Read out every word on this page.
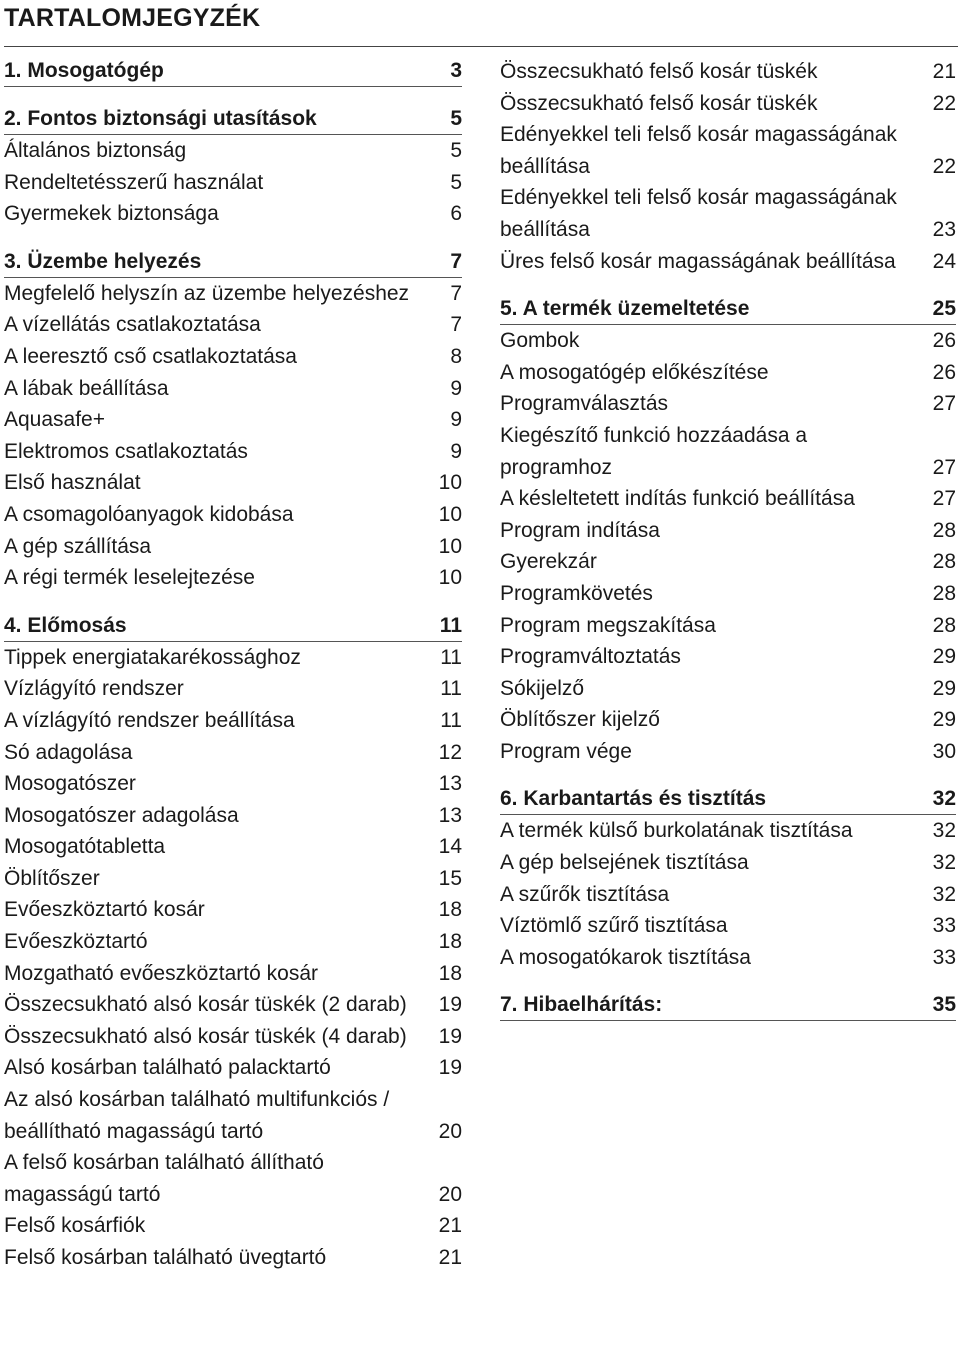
TARTALOMJEGYZÉK
1. Mosogatógép	3
2. Fontos biztonsági utasítások	5
Általános biztonság	5
Rendeltetésszerű használat	5
Gyermekek biztonsága	6
3. Üzembe helyezés	7
Megfelelő helyszín az üzembe helyezéshez	7
A vízellátás csatlakoztatása	7
A leeresztő cső csatlakoztatása	8
A lábak beállítása	9
Aquasafe+	9
Elektromos csatlakoztatás	9
Első használat	10
A csomagolóanyagok kidobása	10
A gép szállítása	10
A régi termék leselejtezése	10
4. Előmosás	11
Tippek energiatakarékossághoz	11
Vízlágyító rendszer	11
A vízlágyító rendszer beállítása	11
Só adagolása	12
Mosogatószer	13
Mosogatószer adagolása	13
Mosogatótabletta	14
Öblítőszer	15
Evőeszköztartó kosár	18
Evőeszköztartó	18
Mozgatható evőeszköztartó kosár	18
Összecsukható alsó kosár tüskék (2 darab)	19
Összecsukható alsó kosár tüskék (4 darab)	19
Alsó kosárban található palacktartó	19
Az alsó kosárban található multifunkciós / beállítható magasságú tartó	20
A felső kosárban található állítható magasságú tartó	20
Felső kosárfiók	21
Felső kosárban található üvegtartó	21
Összecsukható felső kosár tüskék	21
Összecsukható felső kosár tüskék	22
Edényekkel teli felső kosár magasságának beállítása	22
Edényekkel teli felső kosár magasságának beállítása	23
Üres felső kosár magasságának beállítása	24
5. A termék üzemeltetése	25
Gombok	26
A mosogatógép előkészítése	26
Programválasztás	27
Kiegészítő funkció hozzáadása a programhoz	27
A késleltetett indítás funkció beállítása	27
Program indítása	28
Gyerekzár	28
Programkövetés	28
Program megszakítása	28
Programváltoztatás	29
Sókijelző	29
Öblítőszer kijelző	29
Program vége	30
6. Karbantartás és tisztítás	32
A termék külső burkolatának tisztítása	32
A gép belsejének tisztítása	32
A szűrők tisztítása	32
Víztömlő szűrő tisztítása	33
A mosogatókarok tisztítása	33
7. Hibaelhárítás:	35
